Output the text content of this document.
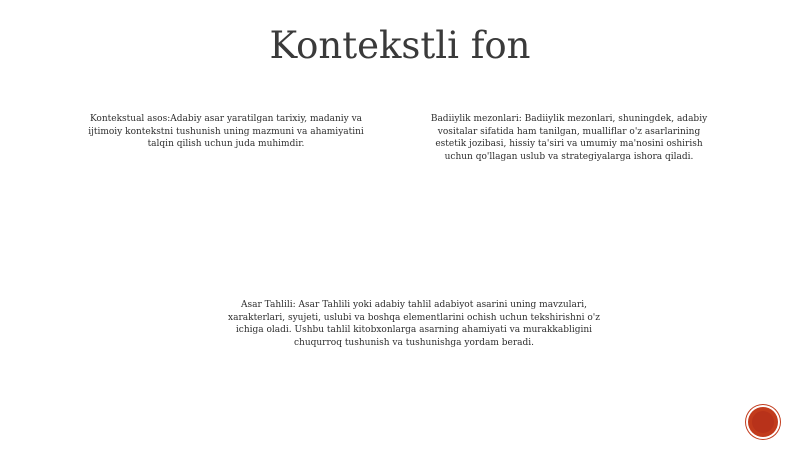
Kontekstli fon

Kontekstual asos:Adabiy asar yaratilgan tarixiy, madaniy va ijtimoiy kontekstni tushunish uning mazmuni va ahamiyatini talqin qilish uchun juda muhimdir.

Badiiylik mezonlari: Badiiylik mezonlari, shuningdek, adabiy vositalar sifatida ham tanilgan, mualliflar o'z asarlarining estetik jozibasi, hissiy ta'siri va umumiy ma'nosini oshirish uchun qo'llagan uslub va strategiyalarga ishora qiladi.

Asar Tahlili: Asar Tahlili yoki adabiy tahlil adabiyot asarini uning mavzulari, xarakterlari, syujeti, uslubi va boshqa elementlarini ochish uchun tekshirishni o'z ichiga oladi. Ushbu tahlil kitobxonlarga asarning ahamiyati va murakkabligini chuqurroq tushunish va tushunishga yordam beradi.
